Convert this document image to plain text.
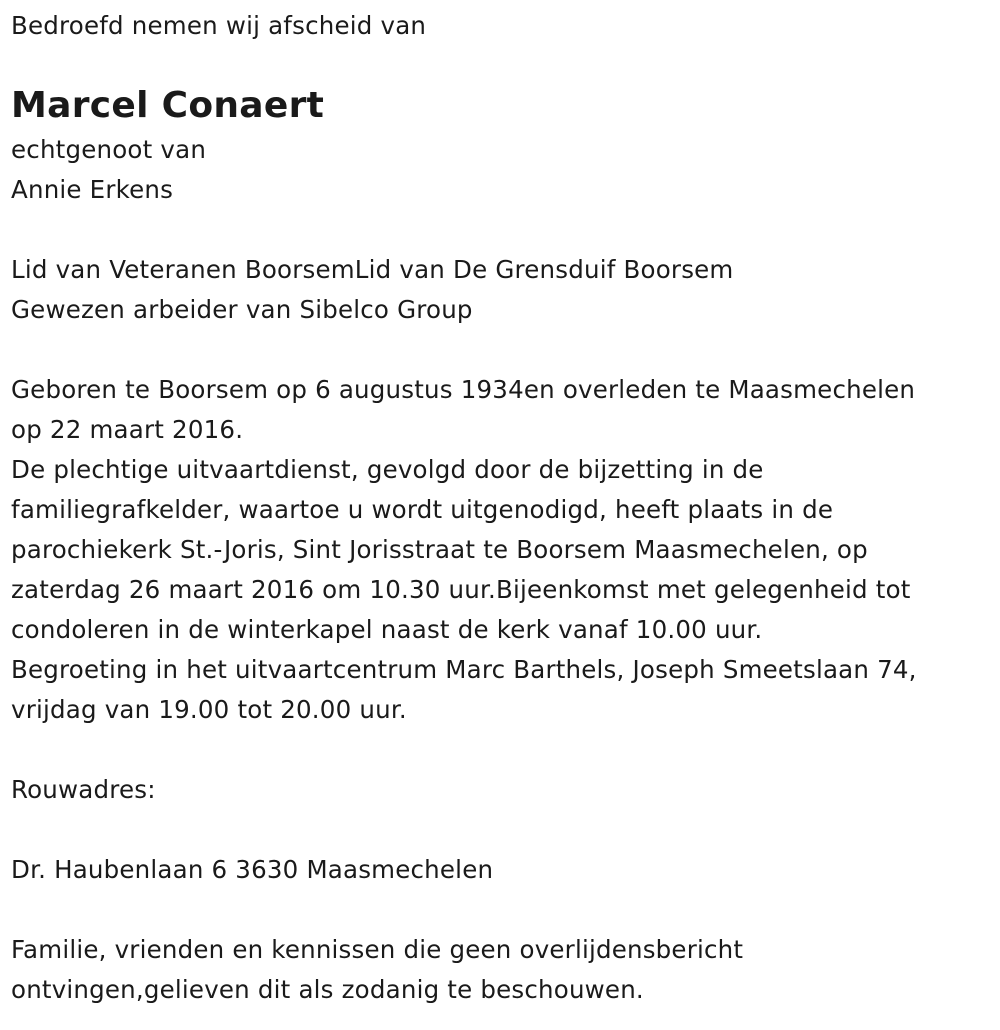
Bedroefd nemen wij afscheid van
Marcel Conaert
echtgenoot van
Annie Erkens
Lid van Veteranen BoorsemLid van De Grensduif Boorsem
Gewezen arbeider van Sibelco Group
Geboren te Boorsem op 6 augustus 1934en overleden te Maasmechelen
op 22 maart 2016.
De plechtige uitvaartdienst, gevolgd door de bijzetting in de
familiegrafkelder, waartoe u wordt uitgenodigd, heeft plaats in de
parochiekerk St.-Joris, Sint Jorisstraat te Boorsem Maasmechelen, op
zaterdag 26 maart 2016 om 10.30 uur.Bijeenkomst met gelegenheid tot
condoleren in de winterkapel naast de kerk vanaf 10.00 uur.
Begroeting in het uitvaartcentrum Marc Barthels, Joseph Smeetslaan 74,
vrijdag van 19.00 tot 20.00 uur.
Rouwadres:
Dr. Haubenlaan 6 3630 Maasmechelen
Familie, vrienden en kennissen die geen overlijdensbericht
ontvingen,gelieven dit als zodanig te beschouwen.
